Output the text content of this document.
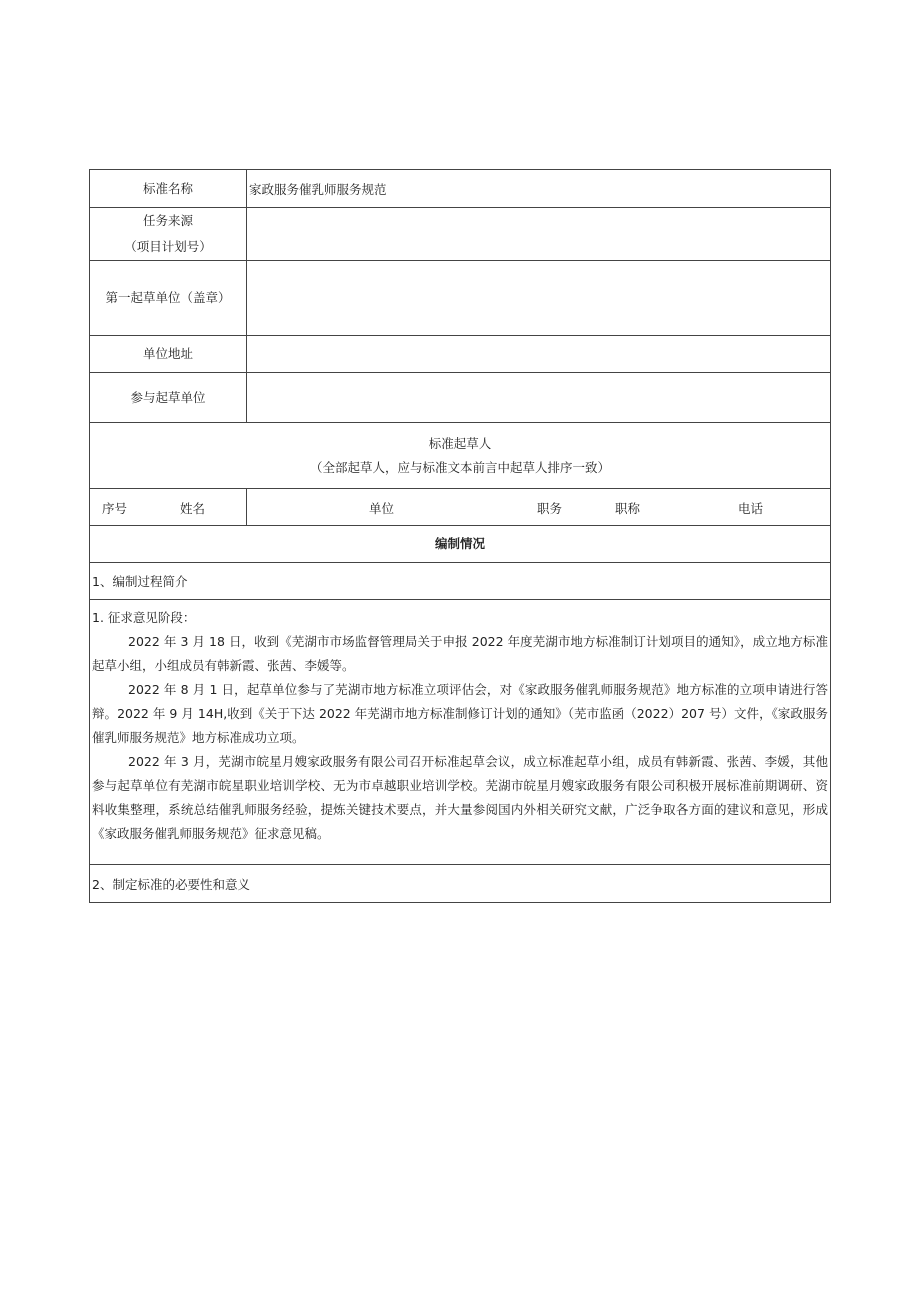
标准名称	家政服务催乳师服务规范

任务来源
（项目计划号）	

第一起草单位（盖章）	
单位地址	
参与起草单位	

标准起草人
（全部起草人，应与标准文本前言中起草人排序一致）	

序号 姓名	单位 职务 职称 电话

编制情况	
1、编制过程简介	

1. 征求意见阶段：

2022 年 3 月 18 日，收到《芜湖市市场监督管理局关于申报 2022 年度芜湖市地方标准制订计划项目的通知》，成立地方标准起草小组，小组成员有韩新霞、张茜、李媛等。

2022 年 8 月 1 日，起草单位参与了芜湖市地方标准立项评估会，对《家政服务催乳师服务规范》地方标准的立项申请进行答辩。2022 年 9 月 14H,收到《关于下达 2022 年芜湖市地方标准制修订计划的通知》（芜市监函（2022）207 号）文件，《家政服务催乳师服务规范》地方标准成功立项。

2022 年 3 月，芜湖市皖星月嫂家政服务有限公司召开标准起草会议，成立标准起草小组，成员有韩新霞、张茜、李媛，其他参与起草单位有芜湖市皖星职业培训学校、无为市卓越职业培训学校。芜湖市皖星月嫂家政服务有限公司积极开展标准前期调研、资料收集整理，系统总结催乳师服务经验，提炼关键技术要点，并大量参阅国内外相关研究文献，广泛争取各方面的建议和意见，形成《家政服务催乳师服务规范》征求意见稿。	

2、制定标准的必要性和意义	
